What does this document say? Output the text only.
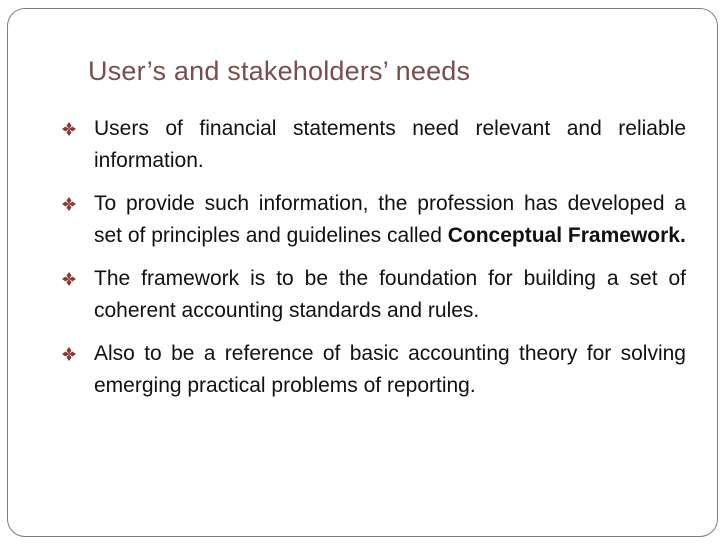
User’s and stakeholders’ needs
Users of financial statements need relevant and reliable information.
To provide such information, the profession has developed a set of principles and guidelines called Conceptual Framework.
The framework is to be the foundation for building a set of coherent accounting standards and rules.
Also to be a reference of basic accounting theory for solving emerging practical problems of reporting.
